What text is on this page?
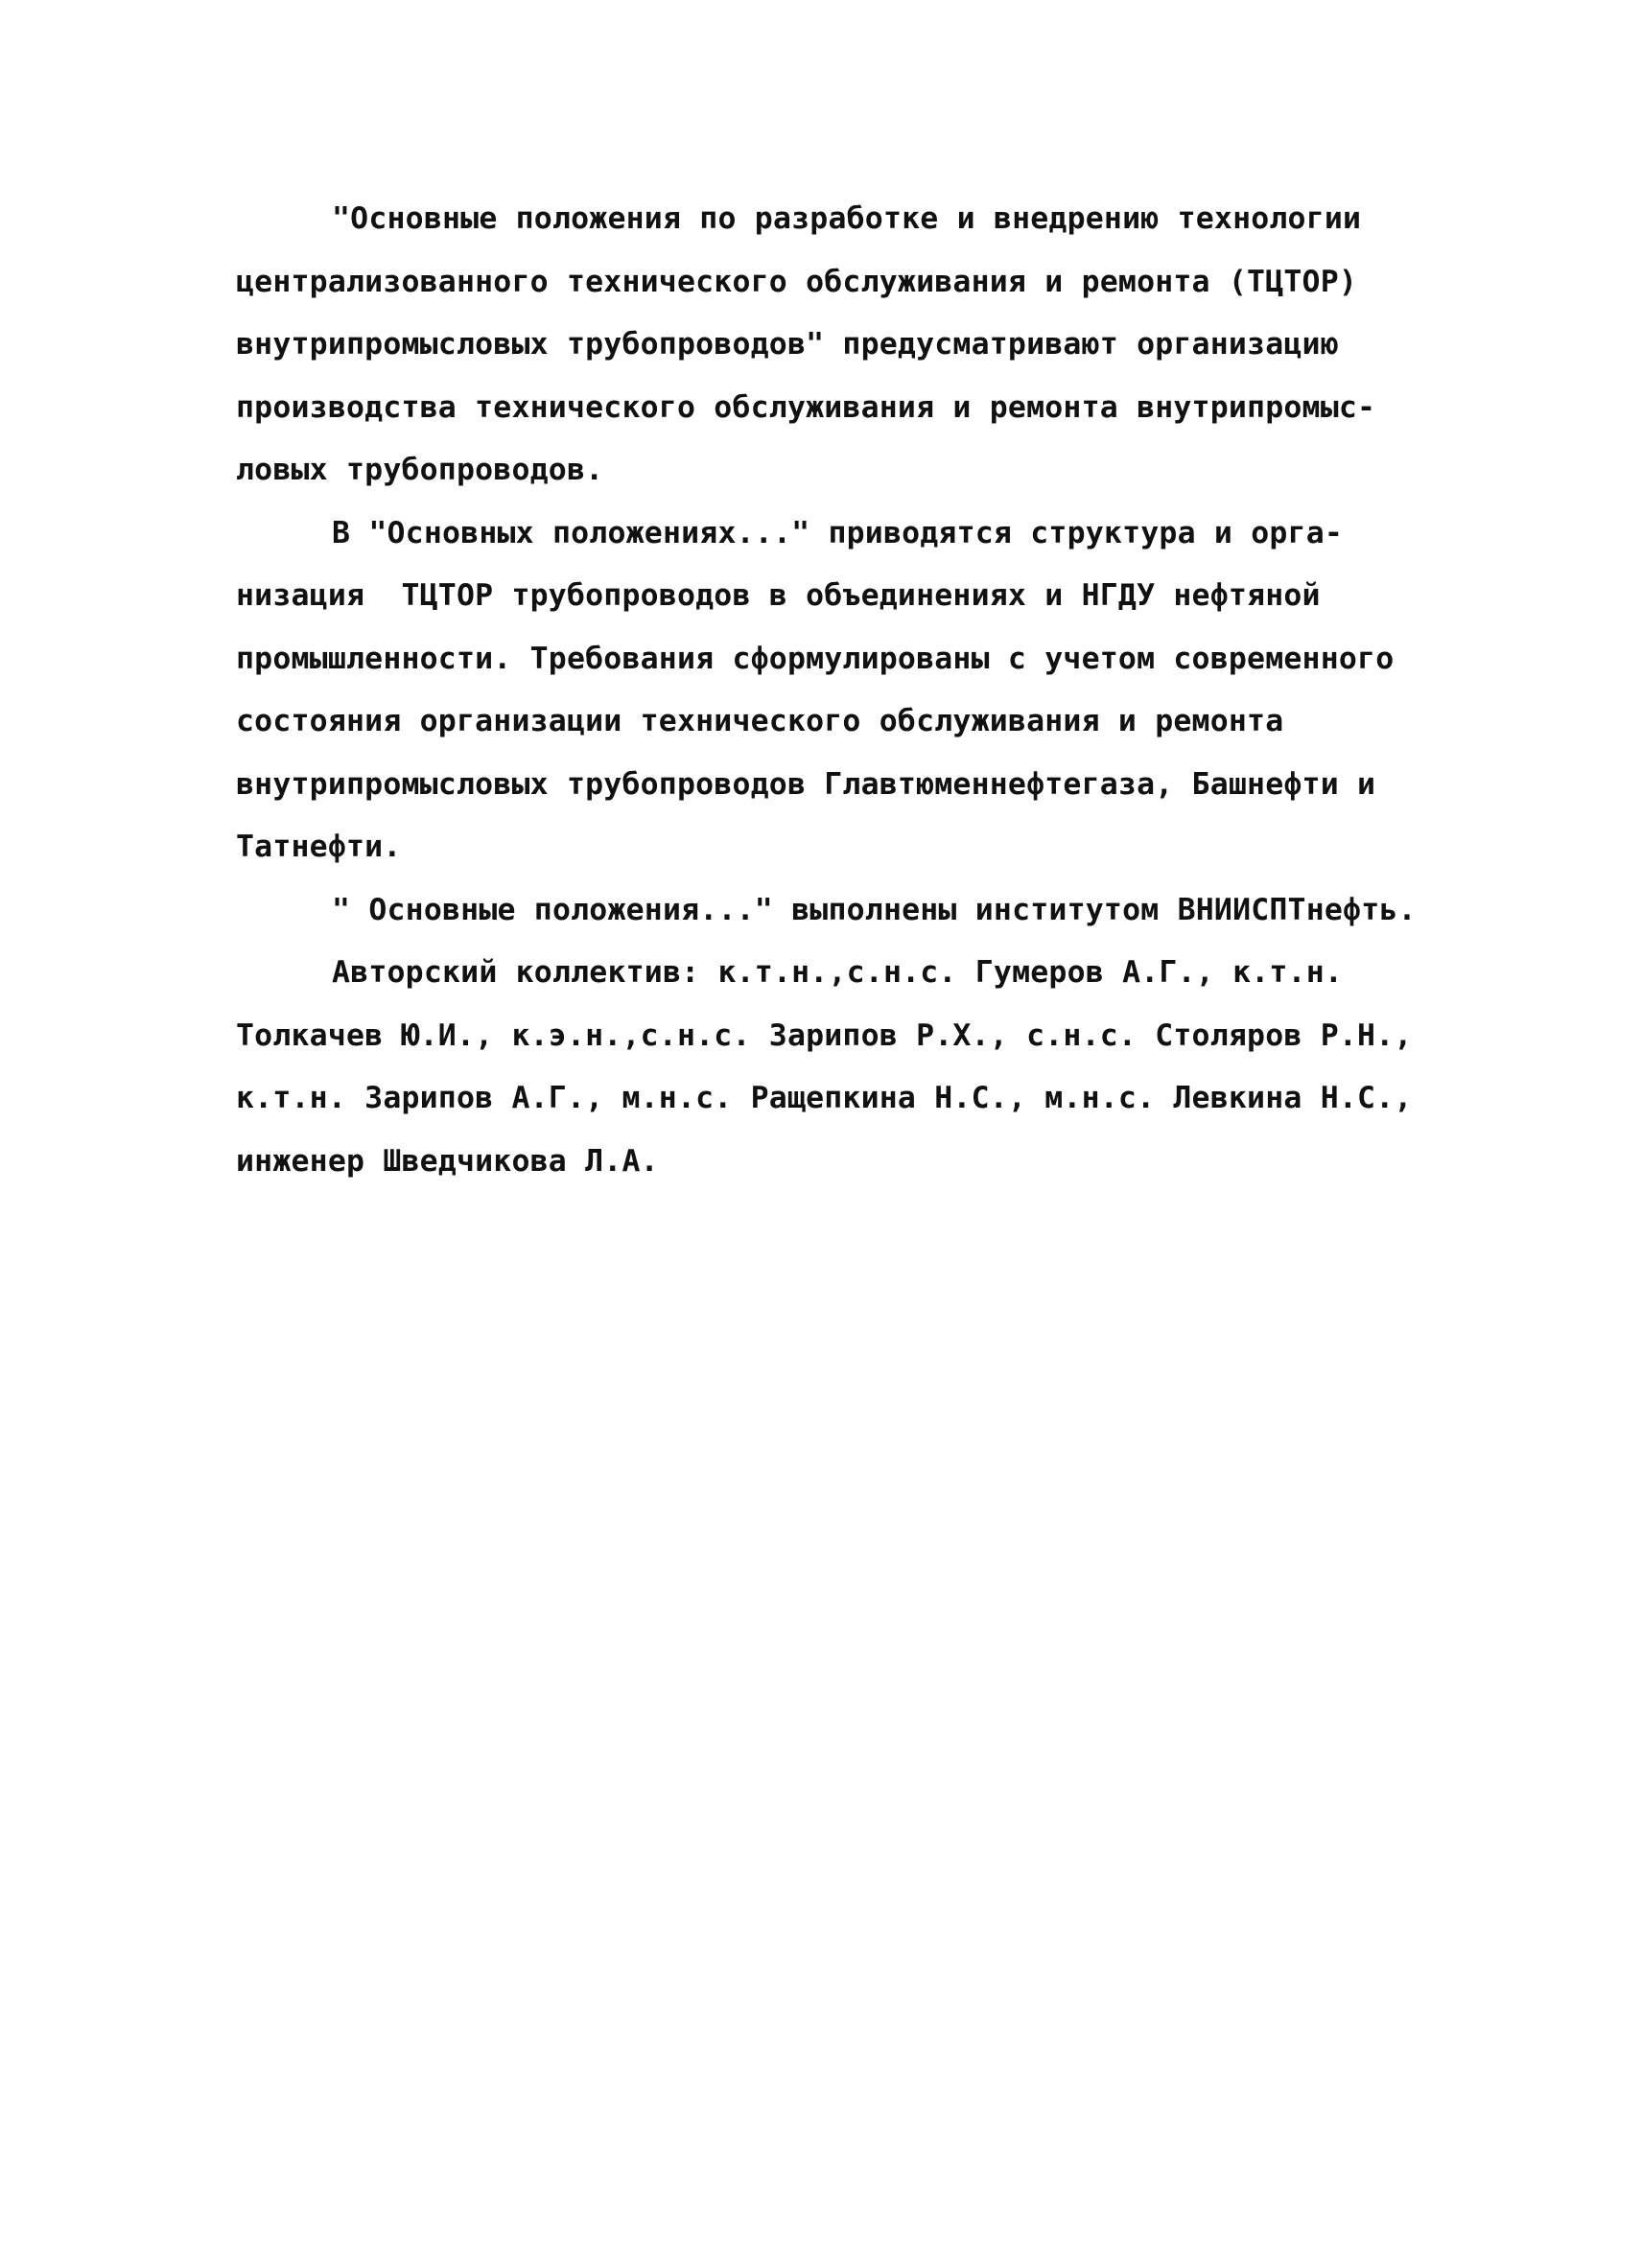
"Основные положения по разработке и внедрению технологии
централизованного технического обслуживания и ремонта (ТЦТОР)
внутрипромысловых трубопроводов" предусматривают организацию
производства технического обслуживания и ремонта внутрипромыс-
ловых трубопроводов.
В "Основных положениях..." приводятся структура и орга-
низация  ТЦТОР трубопроводов в объединениях и НГДУ нефтяной
промышленности. Требования сформулированы с учетом современного
состояния организации технического обслуживания и ремонта
внутрипромысловых трубопроводов Главтюменнефтегаза, Башнефти и
Татнефти.
" Основные положения..." выполнены институтом ВНИИСПТнефть.
Авторский коллектив: к.т.н.,с.н.с. Гумеров А.Г., к.т.н.
Толкачев Ю.И., к.э.н.,с.н.с. Зарипов Р.Х., с.н.с. Столяров Р.Н.,
к.т.н. Зарипов А.Г., м.н.с. Ращепкина Н.С., м.н.с. Левкина Н.С.,
инженер Шведчикова Л.А.
